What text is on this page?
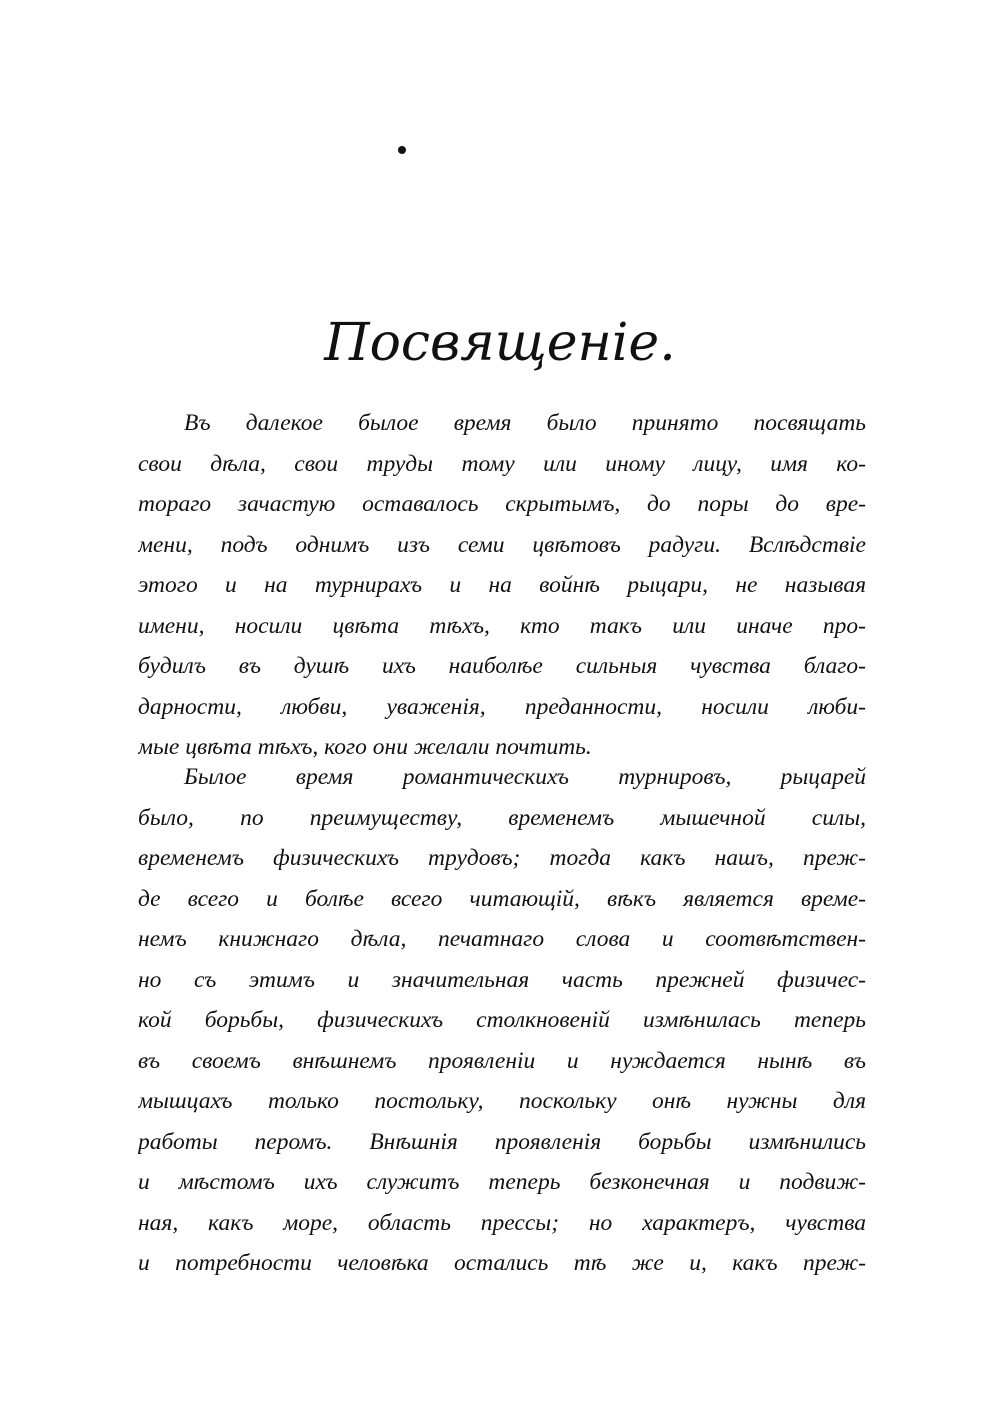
Посвященіе.
Въ далекое былое время было принято посвящать
свои дѣла, свои труды тому или иному лицу, имя ко-
тораго зачастую оставалось скрытымъ, до поры до вре-
мени, подъ однимъ изъ семи цвѣтовъ радуги. Вслѣдствіе
этого и на турнирахъ и на войнѣ рыцари, не называя
имени, носили цвѣта тѣхъ, кто такъ или иначе про-
будилъ въ душѣ ихъ наиболѣе сильныя чувства благо-
дарности, любви, уваженія, преданности, носили люби-
мые цвѣта тѣхъ, кого они желали почтить.
Былое время романтическихъ турнировъ, рыцарей
было, по преимуществу, временемъ мышечной силы,
временемъ физическихъ трудовъ; тогда какъ нашъ, преж-
де всего и болѣе всего читающій, вѣкъ является време-
немъ книжнаго дѣла, печатнаго слова и соотвѣтствен-
но съ этимъ и значительная часть прежней физичес-
кой борьбы, физическихъ столкновеній измѣнилась теперь
въ своемъ внѣшнемъ проявленіи и нуждается нынѣ въ
мышцахъ только постольку, поскольку онѣ нужны для
работы перомъ. Внѣшнія проявленія борьбы измѣнились
и мѣстомъ ихъ служитъ теперь безконечная и подвиж-
ная, какъ море, область прессы; но характеръ, чувства
и потребности человѣка остались тѣ же и, какъ преж-
